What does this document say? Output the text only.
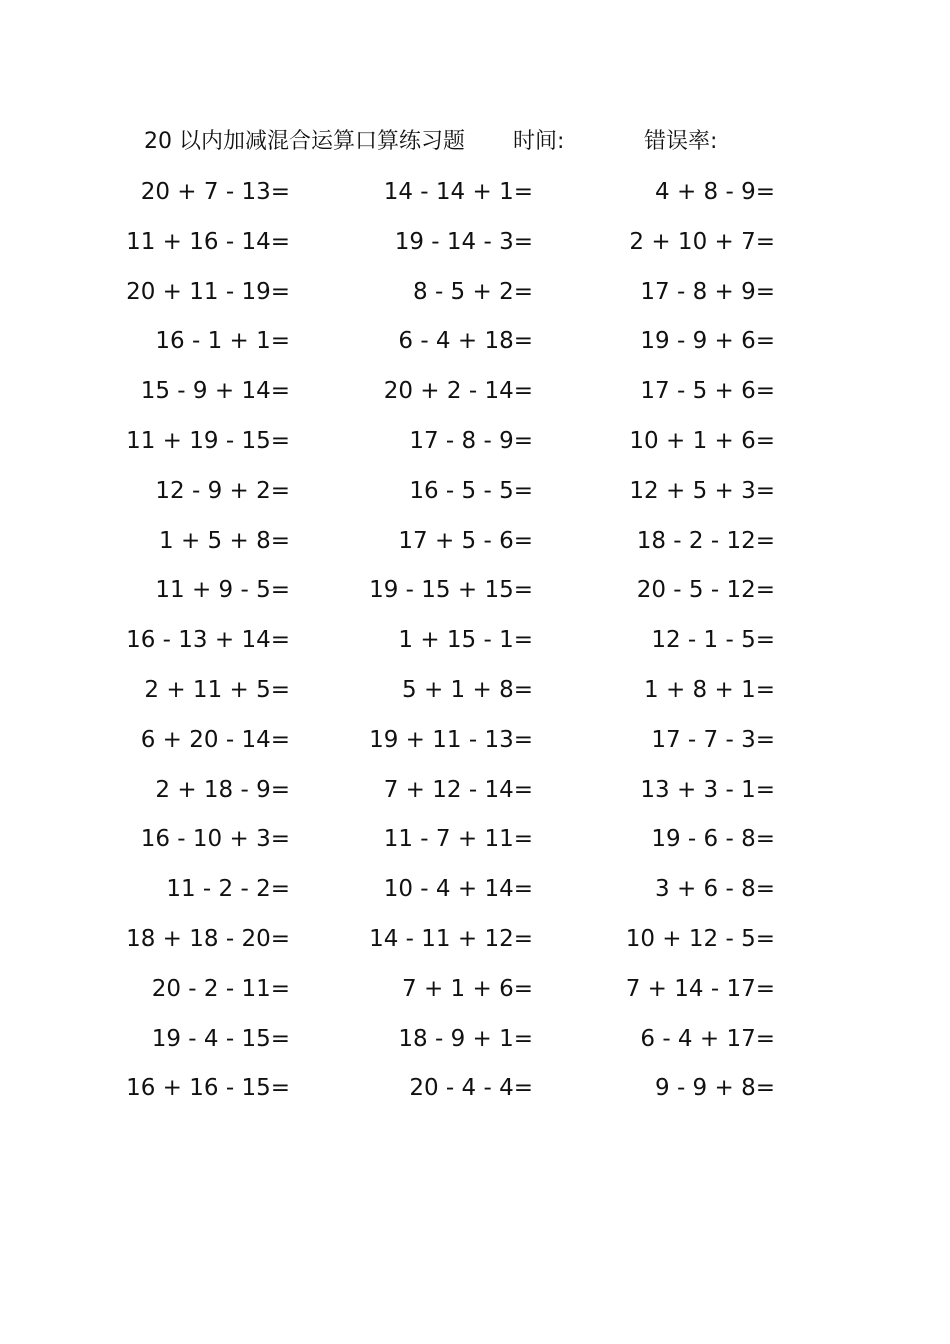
20 以内加减混合运算口算练习题 时间:	错误率:
20 + 7 - 13=	14 - 14 + 1=	4 + 8 - 9=
11 + 16 - 14=	19 - 14 - 3=	2 + 10 + 7=
20 + 11 - 19=	8 - 5 + 2=	17 - 8 + 9=
16 - 1 + 1=	6 - 4 + 18=	19 - 9 + 6=
15 - 9 + 14=	20 + 2 - 14=	17 - 5 + 6=
11 + 19 - 15=	17 - 8 - 9=	10 + 1 + 6=
12 - 9 + 2=	16 - 5 - 5=	12 + 5 + 3=
1 + 5 + 8=	17 + 5 - 6=	18 - 2 - 12=
11 + 9 - 5=	19 - 15 + 15=	20 - 5 - 12=
16 - 13 + 14=	1 + 15 - 1=	12 - 1 - 5=
2 + 11 + 5=	5 + 1 + 8=	1 + 8 + 1=
6 + 20 - 14=	19 + 11 - 13=	17 - 7 - 3=
2 + 18 - 9=	7 + 12 - 14=	13 + 3 - 1=
16 - 10 + 3=	11 - 7 + 11=	19 - 6 - 8=
11 - 2 - 2=	10 - 4 + 14=	3 + 6 - 8=
18 + 18 - 20=	14 - 11 + 12=	10 + 12 - 5=
20 - 2 - 11=	7 + 1 + 6=	7 + 14 - 17=
19 - 4 - 15=	18 - 9 + 1=	6 - 4 + 17=
16 + 16 - 15=	20 - 4 - 4=	9 - 9 + 8=
